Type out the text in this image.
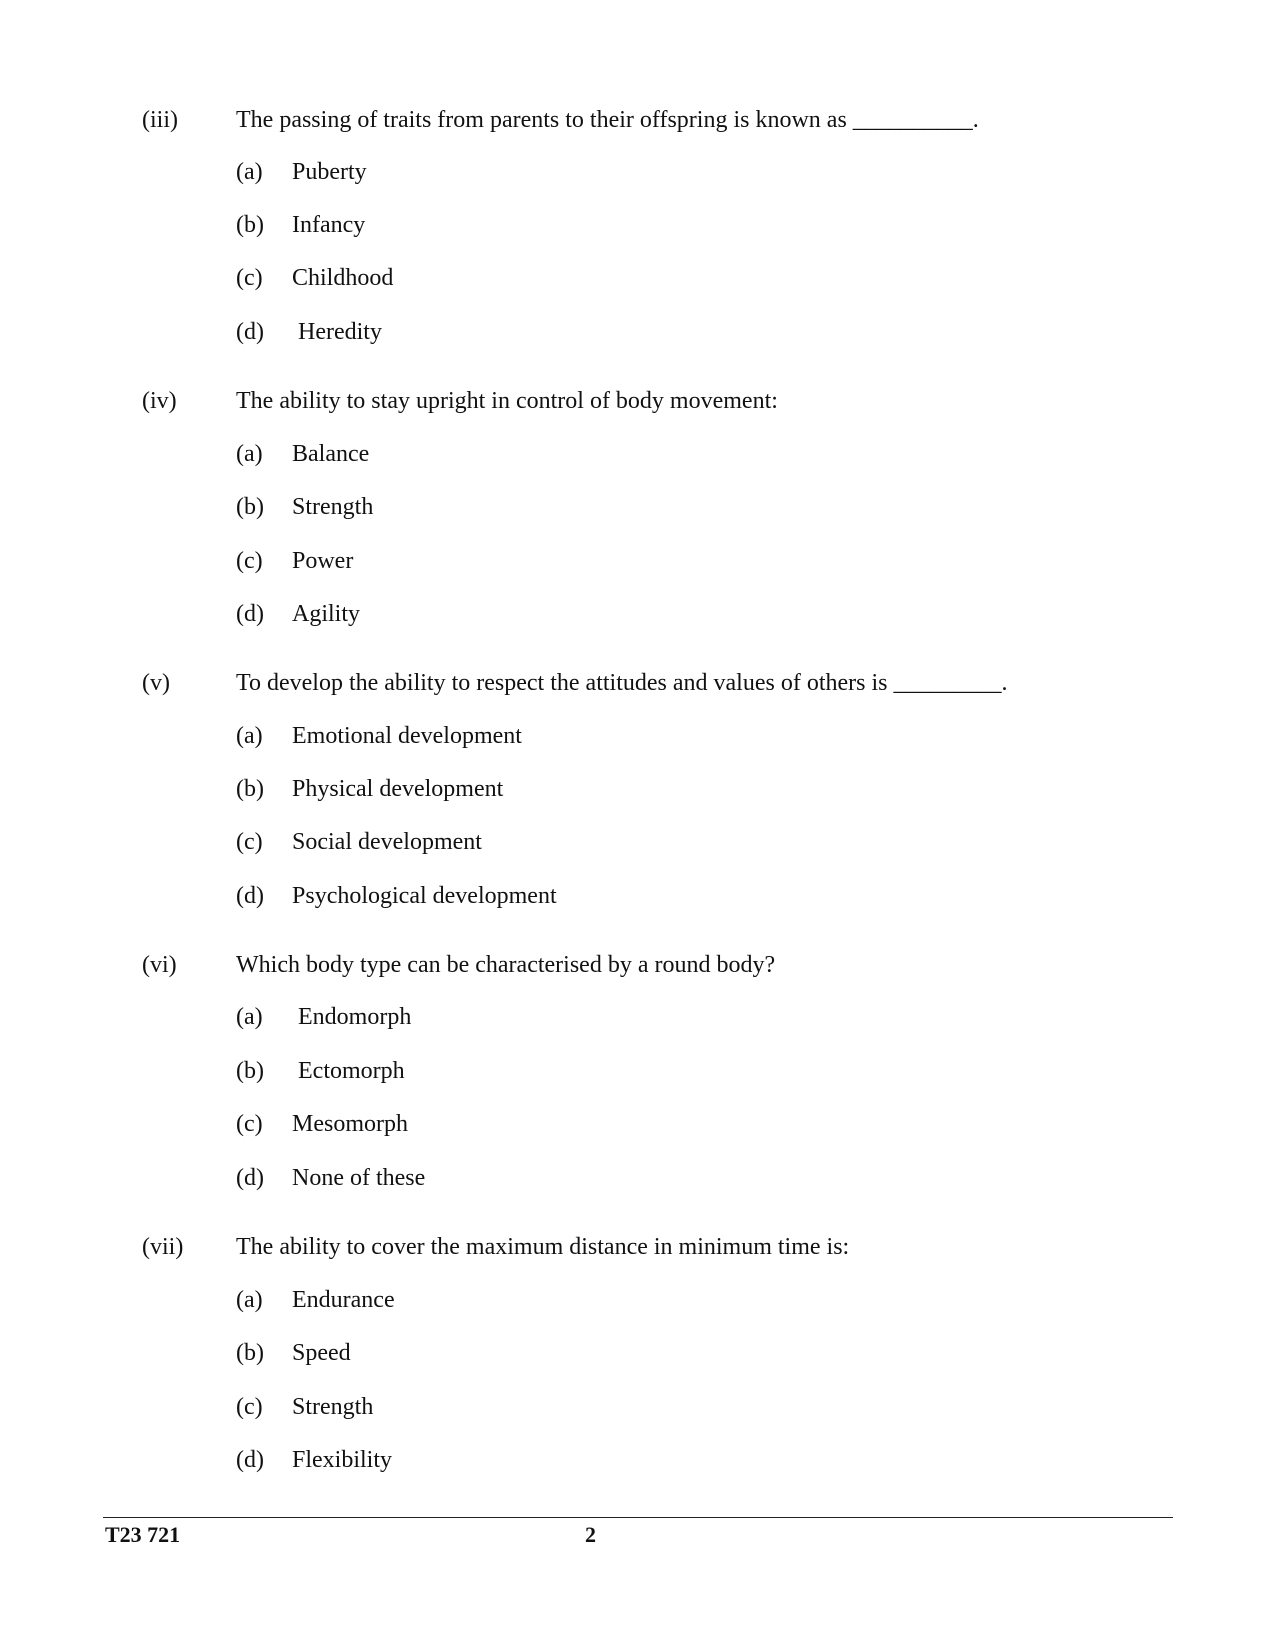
(iii) The passing of traits from parents to their offspring is known as __________.
(a) Puberty
(b) Infancy
(c) Childhood
(d) Heredity
(iv) The ability to stay upright in control of body movement:
(a) Balance
(b) Strength
(c) Power
(d) Agility
(v)	To develop the ability to respect the attitudes and values of others is _________.
(a) Emotional development
(b) Physical development
(c) Social development
(d) Psychological development
(vi) Which body type can be characterised by a round body?
(a) Endomorph
(b) Ectomorph
(c) Mesomorph
(d) None of these
(vii) The ability to cover the maximum distance in minimum time is:
(a) Endurance
(b) Speed
(c) Strength
(d) Flexibility
T23 721	2
